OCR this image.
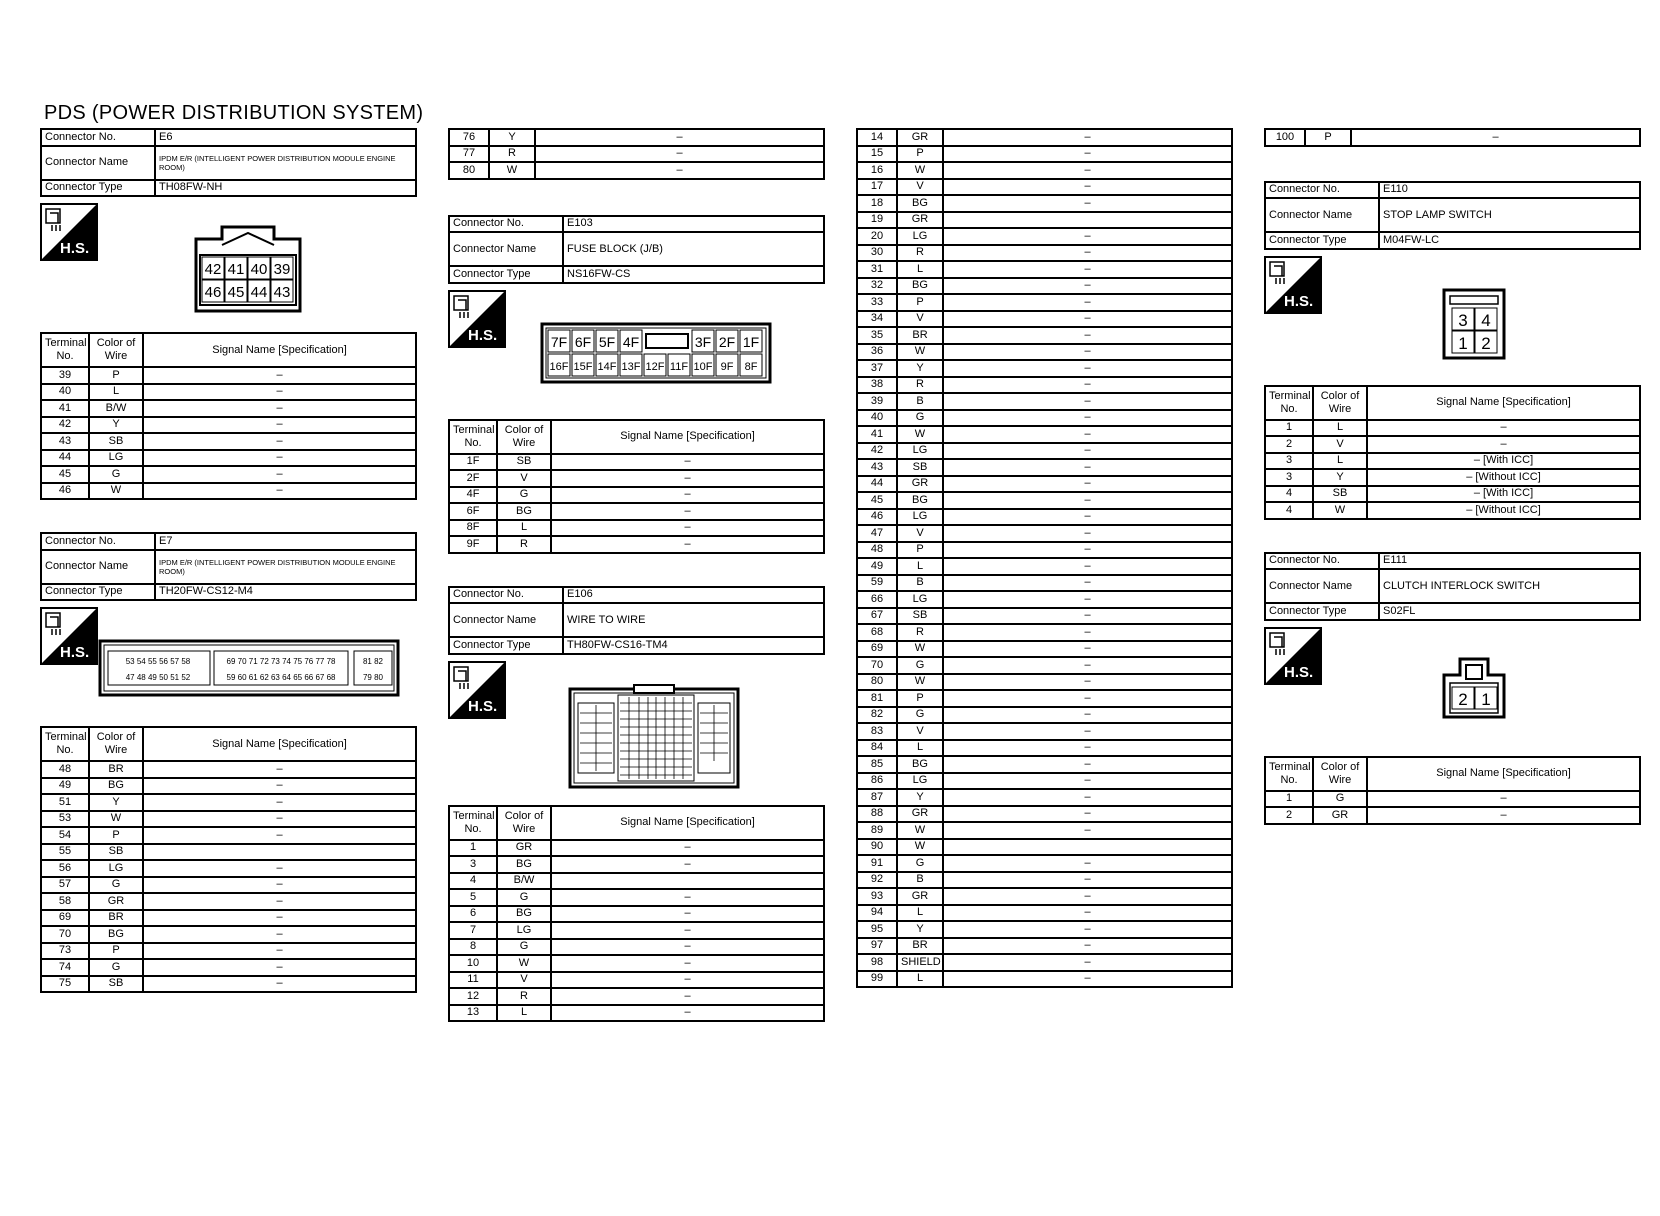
PDS (POWER DISTRIBUTION SYSTEM)
Connector No.	E6
Connector Name	IPDM E/R (INTELLIGENT POWER DISTRIBUTION MODULE ENGINE ROOM)
Connector Type	TH08FW-NH
H.S.
42 41 40 39
46 45 44 43
Terminal No.	Color of Wire	Signal Name [Specification]
39	P	–
40	L	–
41	B/W	–
42	Y	–
43	SB	–
44	LG	–
45	G	–
46	W	–
Connector No.	E7
Connector Name	IPDM E/R (INTELLIGENT POWER DISTRIBUTION MODULE ENGINE ROOM)
Connector Type	TH20FW-CS12-M4
H.S.
53 54 55 56 57 58
47 48 49 50 51 52
69 70 71 72 73 74 75 76 77 78
59 60 61 62 63 64 65 66 67 68
81 82
79 80
Terminal No.	Color of Wire	Signal Name [Specification]
48	BR	–
49	BG	–
51	Y	–
53	W	–
54	P	–
55	SB	
56	LG	–
57	G	–
58	GR	–
69	BR	–
70	BG	–
73	P	–
74	G	–
75	SB	–
76	Y	–
77	R	–
80	W	–
Connector No.	E103
Connector Name	FUSE BLOCK (J/B)
Connector Type	NS16FW-CS
H.S.	7F 6F 5F 4F	3F 2F 1F
16F 15F 14F 13F 12F 11F 10F 9F 8F
Terminal No.	Color of Wire	Signal Name [Specification]
1F	SB	–
2F	V	–
4F	G	–
6F	BG	–
8F	L	–
9F	R	–
Connector No.	E106
Connector Name	WIRE TO WIRE
Connector Type	TH80FW-CS16-TM4
H.S.
Terminal No.	Color of Wire	Signal Name [Specification]
1	GR	–
3	BG	–
4	B/W	
5	G	–
6	BG	–
7	LG	–
8	G	–
10	W	–
11	V	–
12	R	–
13	L	–
14	GR	–
15	P	–
16	W	–
17	V	–
18	BG	–
19	GR	
20	LG	–
30	R	–
31	L	–
32	BG	–
33	P	–
34	V	–
35	BR	–
36	W	–
37	Y	–
38	R	–
39	B	–
40	G	–
41	W	–
42	LG	–
43	SB	–
44	GR	–
45	BG	–
46	LG	–
47	V	–
48	P	–
49	L	–
59	B	–
66	LG	–
67	SB	–
68	R	–
69	W	–
70	G	–
80	W	–
81	P	–
82	G	–
83	V	–
84	L	–
85	BG	–
86	LG	–
87	Y	–
88	GR	–
89	W	–
90	W	
91	G	–
92	B	–
93	GR	–
94	L	–
95	Y	–
97	BR	–
98	SHIELD	–
99	L	–
100	P	–
Connector No.	E110
Connector Name	STOP LAMP SWITCH
Connector Type	M04FW-LC
H.S.
3 4
1 2
Terminal No.	Color of Wire	Signal Name [Specification]
1	L	–
2	V	–
3	L	– [With ICC]
3	Y	– [Without ICC]
4	SB	– [With ICC]
4	W	– [Without ICC]
Connector No.	E111
Connector Name	CLUTCH INTERLOCK SWITCH
Connector Type	S02FL
H.S.
2 1
Terminal No.	Color of Wire	Signal Name [Specification]
1	G	–
2	GR	–
